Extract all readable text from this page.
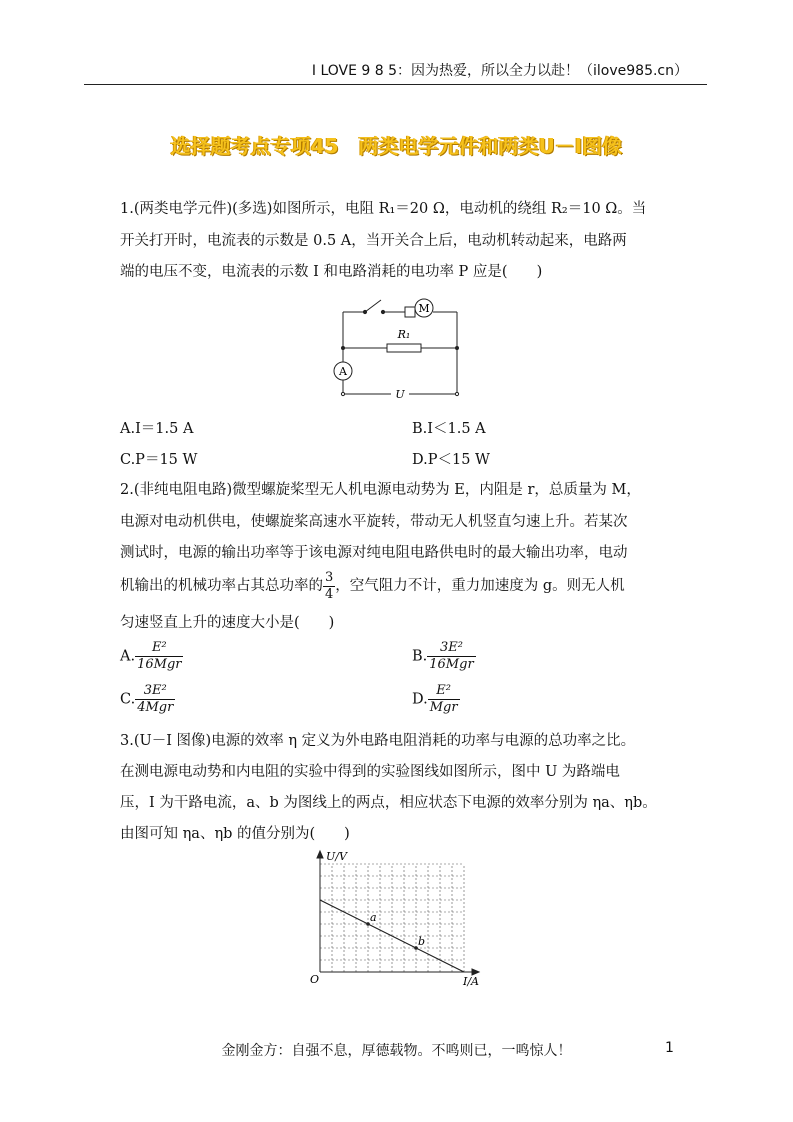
I LOVE 9 8 5：因为热爱，所以全力以赴！（ilove985.cn）
选择题考点专项45　两类电学元件和两类U－I图像
1.(两类电学元件)(多选)如图所示，电阻 R₁＝20 Ω，电动机的绕组 R₂＝10 Ω。当
开关打开时，电流表的示数是 0.5 A，当开关合上后，电动机转动起来，电路两
端的电压不变，电流表的示数 I 和电路消耗的电功率 P 应是(　　)
M
R₁
A
U
A.I＝1.5 A	B.I＜1.5 A
C.P＝15 W	D.P＜15 W
2.(非纯电阻电路)微型螺旋桨型无人机电源电动势为 E，内阻是 r，总质量为 M，
电源对电动机供电，使螺旋桨高速水平旋转，带动无人机竖直匀速上升。若某次
测试时，电源的输出功率等于该电源对纯电阻电路供电时的最大输出功率，电动
机输出的机械功率占其总功率的 $\frac{3}{4}$ ，空气阻力不计，重力加速度为 g。则无人机
匀速竖直上升的速度大小是(　　)
A. $\frac{\text{E²}}{\text{16Mgr}}$	B. $\frac{\text{3E²}}{\text{16Mgr}}$
C. $\frac{\text{3E²}}{\text{4Mgr}}$	D. $\frac{\text{E²}}{\text{Mgr}}$
3.(U－I 图像)电源的效率 η 定义为外电路电阻消耗的功率与电源的总功率之比。
在测电源电动势和内电阻的实验中得到的实验图线如图所示，图中 U 为路端电
压，I 为干路电流，a、b 为图线上的两点，相应状态下电源的效率分别为 ηa、ηb。
由图可知 ηa、ηb 的值分别为(　　)
a
b
U/V
I/A
O
金刚金方：自强不息，厚德载物。不鸣则已，一鸣惊人！	1
